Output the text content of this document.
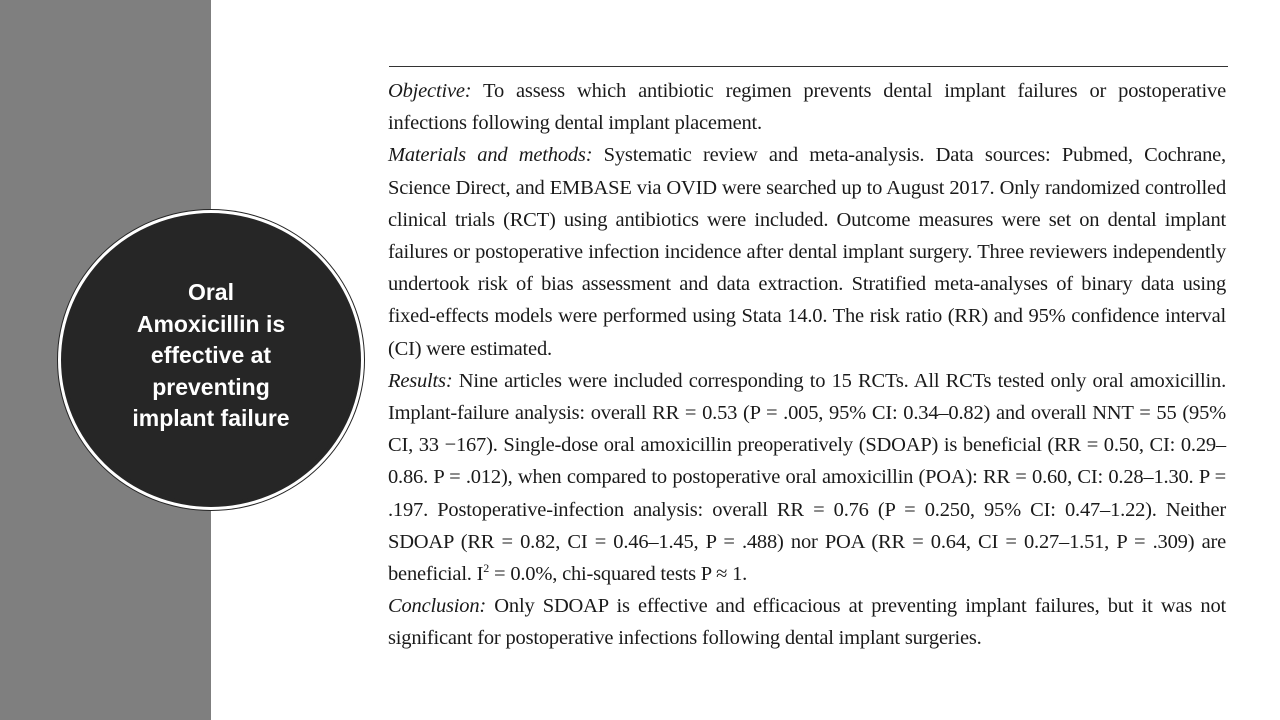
Oral
Amoxicillin is
effective at
preventing
implant failure

Objective: To assess which antibiotic regimen prevents dental implant failures or postoperative infections following dental implant placement.

Materials and methods: Systematic review and meta-analysis. Data sources: Pubmed, Cochrane, Science Direct, and EMBASE via OVID were searched up to August 2017. Only randomized controlled clinical trials (RCT) using antibiotics were included. Outcome measures were set on dental implant failures or postoperative infection incidence after dental implant surgery. Three reviewers independently undertook risk of bias assessment and data extraction. Stratified meta-analyses of binary data using fixed-effects models were performed using Stata 14.0. The risk ratio (RR) and 95% confidence interval (CI) were estimated.

Results: Nine articles were included corresponding to 15 RCTs. All RCTs tested only oral amoxicillin. Implant-failure analysis: overall RR = 0.53 (P = .005, 95% CI: 0.34–0.82) and overall NNT = 55 (95% CI, 33 −167). Single-dose oral amoxicillin preoperatively (SDOAP) is beneficial (RR = 0.50, CI: 0.29–0.86. P = .012), when compared to postoperative oral amoxicillin (POA): RR = 0.60, CI: 0.28–1.30. P = .197. Postoperative-infection analysis: overall RR = 0.76 (P = 0.250, 95% CI: 0.47–1.22). Neither SDOAP (RR = 0.82, CI = 0.46–1.45, P = .488) nor POA (RR = 0.64, CI = 0.27–1.51, P = .309) are beneficial. $I^2 = 0.0\%$, chi-squared tests P ≈ 1.

Conclusion: Only SDOAP is effective and efficacious at preventing implant failures, but it was not significant for postoperative infections following dental implant surgeries.
